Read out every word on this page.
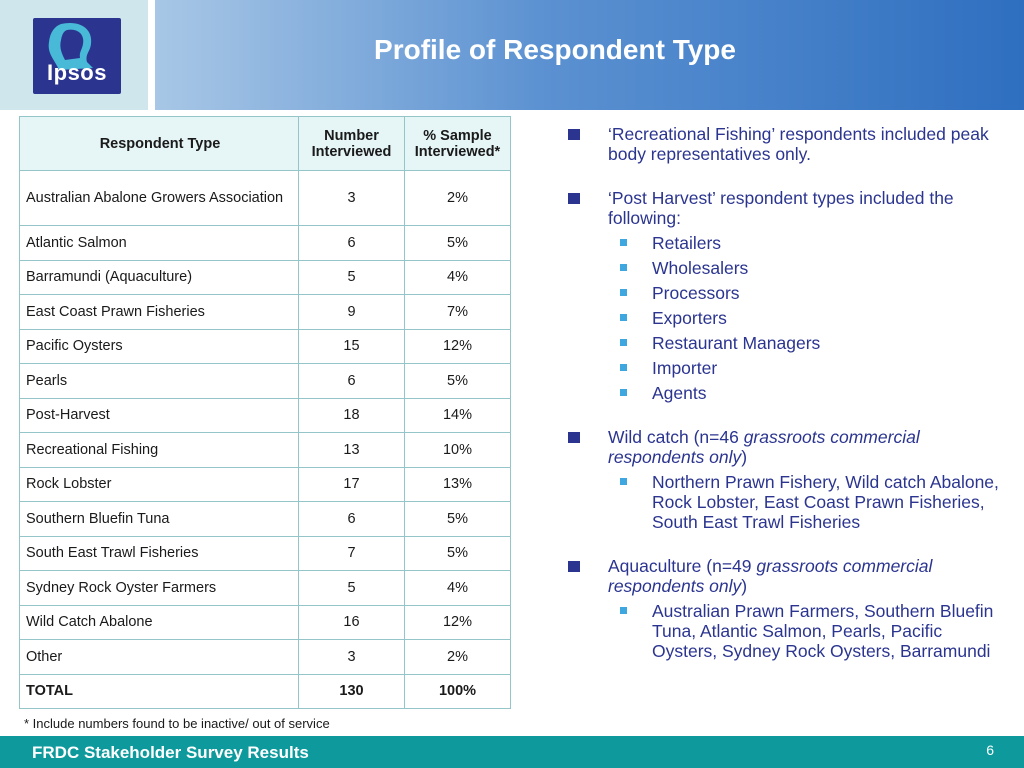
Ipsos
Profile of Respondent Type
Respondent Type	Number Interviewed	% Sample Interviewed*
Australian Abalone Growers Association	3	2%
Atlantic Salmon	6	5%
Barramundi (Aquaculture)	5	4%
East Coast Prawn Fisheries	9	7%
Pacific Oysters	15	12%
Pearls	6	5%
Post-Harvest	18	14%
Recreational Fishing	13	10%
Rock Lobster	17	13%
Southern Bluefin Tuna	6	5%
South East Trawl Fisheries	7	5%
Sydney Rock Oyster Farmers	5	4%
Wild Catch Abalone	16	12%
Other	3	2%
TOTAL	130	100%
* Include numbers found to be inactive/ out of service
‘Recreational Fishing’ respondents included peak body representatives only.
‘Post Harvest’ respondent types included the following:
Retailers
Wholesalers
Processors
Exporters
Restaurant Managers
Importer
Agents
Wild catch (n=46 grassroots commercial respondents only)
Northern Prawn Fishery, Wild catch Abalone, Rock Lobster, East Coast Prawn Fisheries, South East Trawl Fisheries
Aquaculture (n=49 grassroots commercial respondents only)
Australian Prawn Farmers, Southern Bluefin Tuna, Atlantic Salmon, Pearls, Pacific Oysters, Sydney Rock Oysters, Barramundi
FRDC Stakeholder Survey Results	6
